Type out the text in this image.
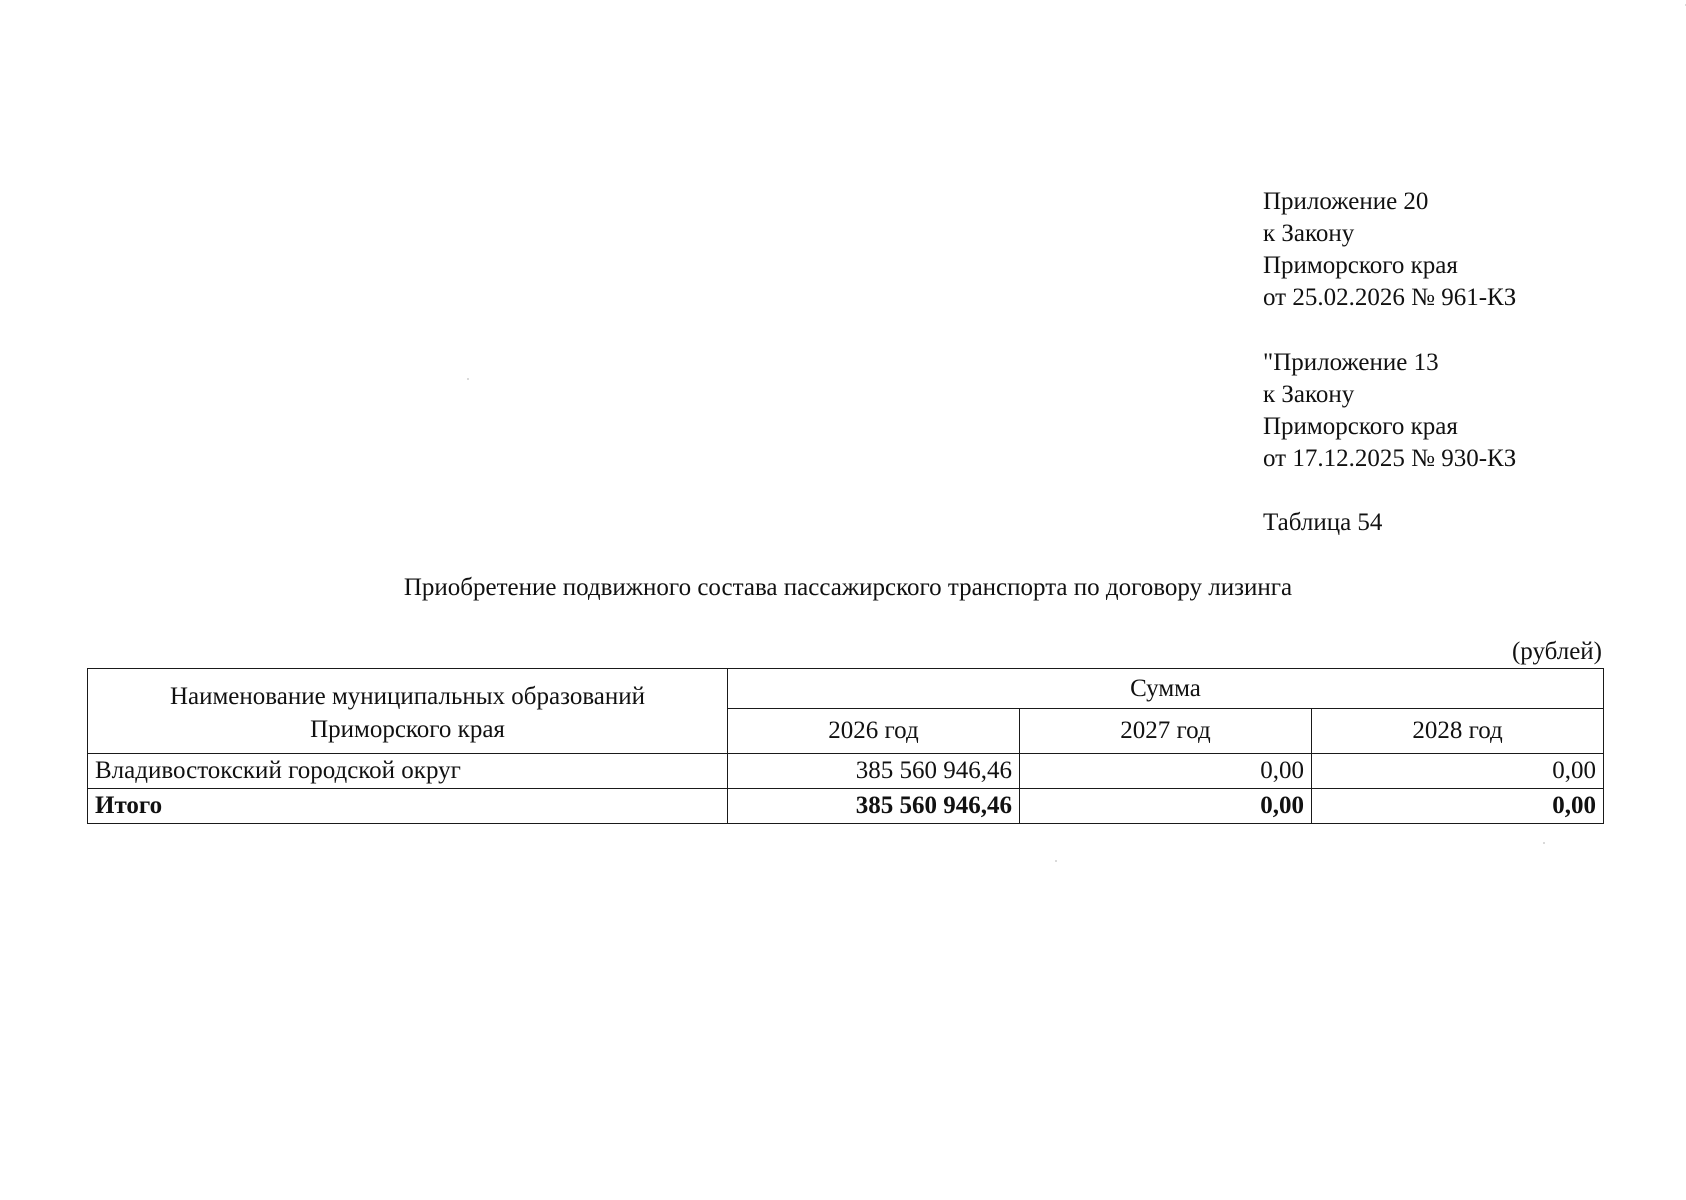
Приложение 20
к Закону
Приморского края
от 25.02.2026 № 961-КЗ
"Приложение 13
к Закону
Приморского края
от 17.12.2025 № 930-КЗ
Таблица 54
Приобретение подвижного состава пассажирского транспорта по договору лизинга
(рублей)
Наименование муниципальных образований
Приморского края	Сумма		
	2026 год	2027 год	2028 год
Владивостокский городской округ	385 560 946,46	0,00	0,00
Итого	385 560 946,46	0,00	0,00
